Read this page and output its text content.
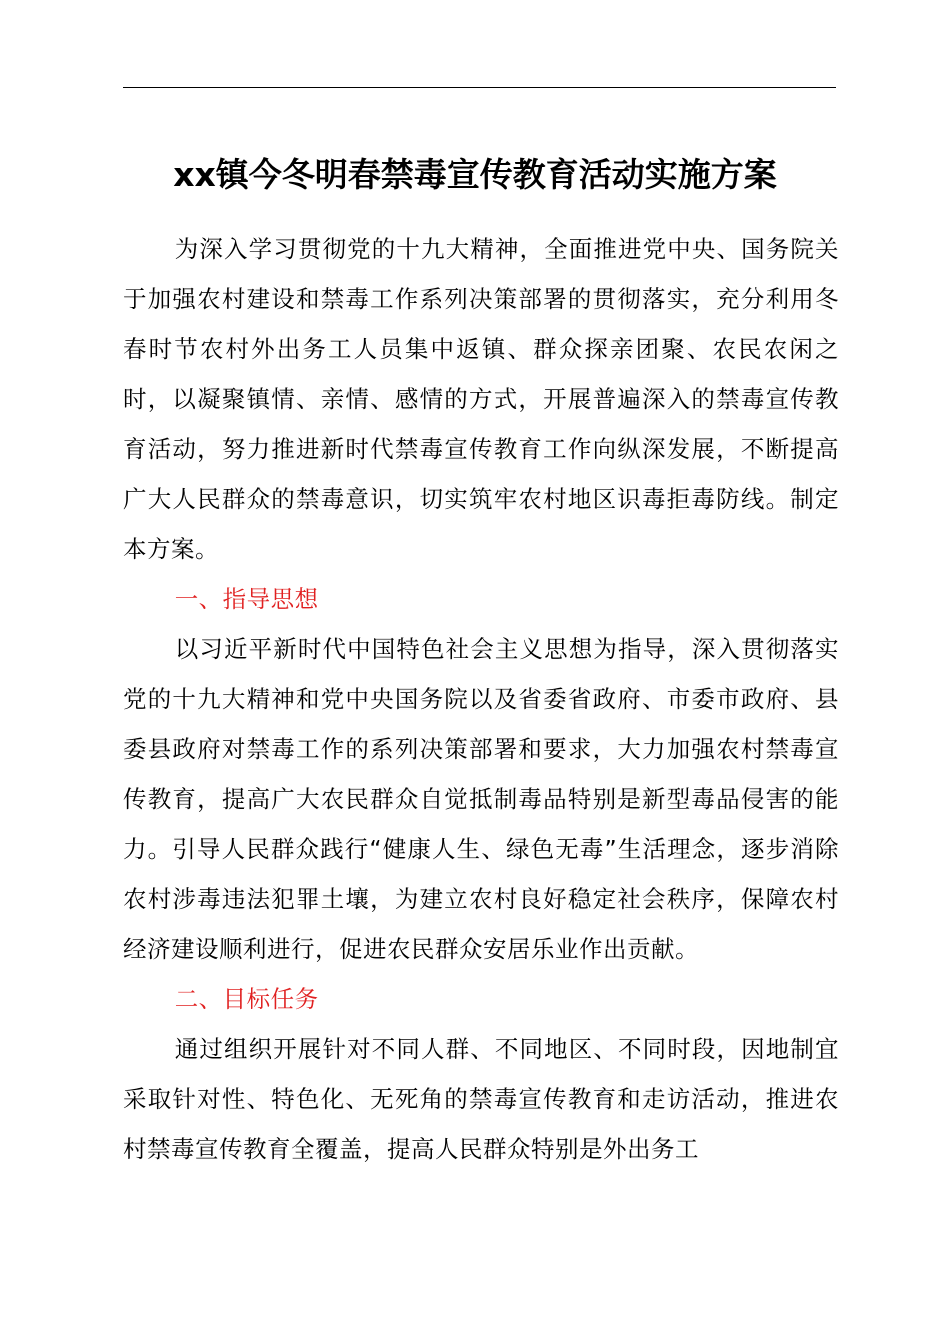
xx镇今冬明春禁毒宣传教育活动实施方案

为深入学习贯彻党的十九大精神，全面推进党中央、国务院关于加强农村建设和禁毒工作系列决策部署的贯彻落实，充分利用冬春时节农村外出务工人员集中返镇、群众探亲团聚、农民农闲之时，以凝聚镇情、亲情、感情的方式，开展普遍深入的禁毒宣传教育活动，努力推进新时代禁毒宣传教育工作向纵深发展，不断提高广大人民群众的禁毒意识，切实筑牢农村地区识毒拒毒防线。制定本方案。

一、指导思想

以习近平新时代中国特色社会主义思想为指导，深入贯彻落实党的十九大精神和党中央国务院以及省委省政府、市委市政府、县委县政府对禁毒工作的系列决策部署和要求，大力加强农村禁毒宣传教育，提高广大农民群众自觉抵制毒品特别是新型毒品侵害的能力。引导人民群众践行“健康人生、绿色无毒”生活理念，逐步消除农村涉毒违法犯罪土壤，为建立农村良好稳定社会秩序，保障农村经济建设顺利进行，促进农民群众安居乐业作出贡献。

二、目标任务

通过组织开展针对不同人群、不同地区、不同时段，因地制宜采取针对性、特色化、无死角的禁毒宣传教育和走访活动，推进农村禁毒宣传教育全覆盖，提高人民群众特别是外出务工
